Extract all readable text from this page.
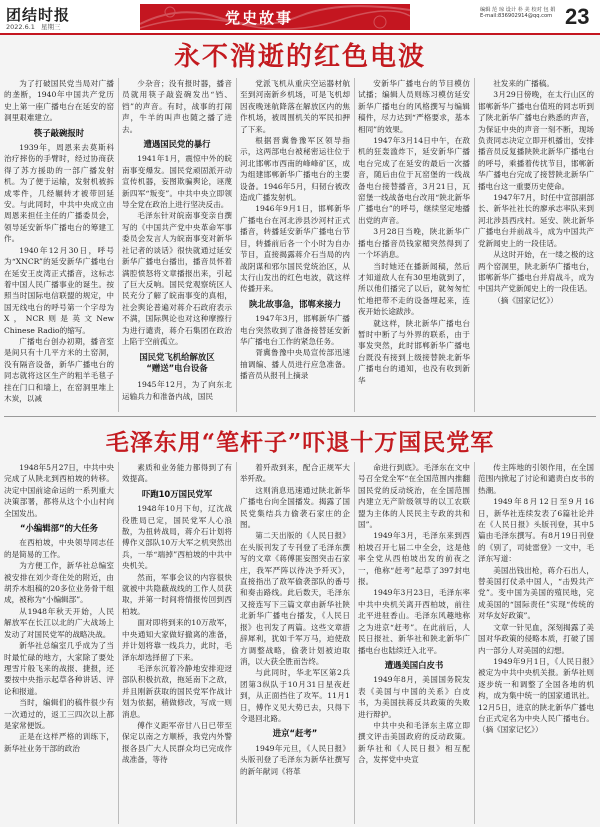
团结时报
2022.6.1 星期三	党史故事	编辑 范 琼 设计 朴 美 校对 包 娟
E-mail:836902914@qq.com 23
永不消逝的红色电波

为了打破国民党当局对广播的垄断，1940年中国共产党历史上第一座广播电台在延安的窑洞里艰难建立。

筷子敲碗报时

1939年，周恩来去莫斯科治疗摔伤的手臂时，经过协商获得了苏方援助的一部广播发射机。为了便于运输，发射机被拆成零件，几经辗转才被带回延安。与此同时，中共中央成立由周恩来担任主任的广播委员会，领导延安新华广播电台的筹建工作。

1940年12月30日，呼号为“XNCR”的延安新华广播电台在延安王皮湾正式播音，这标志着中国人民广播事业的诞生。按照当时国际电信联盟的规定，中国无线电台的呼号第一个字母为X，NCR则是英文New Chinese Radio的缩写。

广播电台创办初期，播音室是间只有十几平方米的土窑洞，没有隔音设备，新华广播电台的同志就将这区生产的粗羊毛毯子挂在门口和墙上，在窑洞里堆上木炭，以减

少杂音；没有报时器，播音员就用筷子敲瓷碗发出“铛、铛”的声音。有时，战事的打闹声，牛羊的叫声也随之播了进去。

遭遇国民党的暴行

1941年1月，震惊中外的皖南事变爆发。国民党顽固派开动宣传机器，妄图欺骗舆论，诬蔑新四军“叛变”。中共中央立即领导全党在政治上进行坚决反击。

毛泽东针对皖南事变亲自撰写的《中国共产党中央革命军事委员会发言人为皖南事变对新华社记者的谈话》很快就通过延安新华广播电台播出，播音员怀着满腔愤怒将文章播报出来，引起了巨大反响。国民党观察统区人民充分了解了皖南事变的真相，社会舆论普遍对蒋介石政府表示不满，国际舆论也对这种摩擦行为进行谴责，蒋介石集团在政治上陷于空前孤立。

国民党飞机给解放区
“赠送”电台设备

1945年12月，为了向东北运输兵力和准备内战，国民

党派飞机从重庆空运器材航至到河南新乡机场，可是飞机却因夜晚迷航降落在解放区内的焦作机场，被周围机关的军民扣押了下来。

根据晋冀鲁豫军区领导指示，这两部电台被秘密运往位于河北邯郸市西南的峰峰矿区，成为组建邯郸新华广播电台的主要设备。1946年5月，归韧台被改造成广播发射机。

1946年9月1日，邯郸新华广播电台在河北涉县沙河村正式播音，转播延安新华广播电台节目，转播前后各一个小时为自办节目，直接揭露蒋介石当局的内战阴谋和邪尔国民党统治区，从太行山发出的红色电波，就这样传播开来。

陕北故事急，邯郸来接力

1947年3月，邯郸新华广播电台突然收到了准备接替延安新华广播电台工作的紧急任务。

胥冀鲁豫中央局宣传部迅速抽调编、播人员进行应急准备。播音员从报刊上摘录

安新华广播电台的节目模仿试播；编辑人员则练习模仿延安新华广播电台的风格撰写与编辑稿件，尽力达到“严格要求，基本相同”的效果。

1947年3月14日中午，在敌机的狂轰滥炸下，延安新华广播电台完成了在延安的最后一次播音，随后由位于瓦窑堡的一线战备电台接替播音，3月21日，瓦窑堡一线战备电台改用“陕北新华广播电台”的呼号，继续坚定地播出党的声音。

3月28日当晚，陕北新华广播电台播音员钱家楣突然得到了一个坏消息。

当时她还在播新闻稿，然后才知道敌人在有30里地就到了，所以他们播完了以后，就匆匆忙忙地把带不走的设备埋起来，连夜开始长途跋涉。

就这样，陕北新华广播电台暂时中断了与外界的联系，由于事发突然，此时邯郸新华广播电台既没有接到上级接替陕北新华广播电台的通知，也没有收到新华

社发来的广播稿。

3月29日傍晚，在太行山区的邯郸新华广播电台值班的同志听到了陕北新华广播电台熟悉的声音，为保证中央的声音一刻不断，现场负责同志决定立即开机播出，安排播音员反复播陕陕北新华广播电台的呼号，乘播着传扰节目，邯郸新华广播电台完成了接替陕北新华广播电台这一重要历史使命。

1947年7月，时任中宣部副部长、新华社社长的廖承志率队来到河北涉县西戌村。延安、陕北新华广播电台并前战斗，成为中国共产党新闻史上的一段佳话。

从这时开始，在一缕之极的这两个窑洞里，陕北新华广播电台，邯郸新华广播电台并肩战斗，成为中国共产党新闻史上的一段佳话。

（摘《国家记忆》）

毛泽东用“笔杆子”吓退十万国民党军

1948年5月27日，中共中央完成了从陕北到西柏坡的转移。决定中国前途命运的一系列重大决策部署，都将从这个小山村向全国发出。

“小编辑部”的大任务

在西柏坡，中央领导同志任的是简易的工作。

为方便工作，新华社总编室被安排在刘少奇住处的附近，由胡乔木组稿的20多位业务骨干组成，被称为“小编辑部”。

从1948年秋天开始，人民解放军在长江以北的广大战场上发动了对国民党军的战略决战。

新华社总编室几乎成为了当时最忙碌的地方，大家除了要处理雪片般飞来的战报、捷报，还要按中央指示起草各种讲话、评论和报道。

当时，编辑们的稿件很少有一次通过的，返工三四次以上都是家常便饭。

正是在这样严格的训练下，新华社业务干部的政治

素质和业务能力都得到了有效提高。

吓跑10万国民党军

1948年10月下旬，辽沈战役胜局已定，国民党军人心浪散，为扭转战局，蒋介石计划将傅作义部队10万大军之机突然出兵，一举“端掉”西柏坡的中共中央机关。

然而，军事会议的内容很快就被中共隐蔽战线的工作人员获取，并第一时间将情报传回到西柏坡。

面对即将到来的10万敌军，中央通知大家做好撤离的准备，并计划将靠一线兵力，此时，毛泽东却选择留了下来。

毛泽东沉着冷静地安排迎迓部队积极抗敌，拖延南下之敌，并且刚新获取的国民党军作战计划为依据，稍做修改，写成一则消息。

傅作义距军帝甘八日已带至保定以南之方顺桥，我党内外警报各县广大人民群众均已完成作战准备，等待

着歼敌到来，配合正规军大举歼敌。

这则消息迅速通过陕北新华广播电台向全国播发。揭露了国民党集结兵力偷袭石家庄的企图。

第二天出版的《人民日报》在头版刊发了专刊登了毛泽东撰写的文章《蒋傅匪妄图突击石家庄，我军严阵以待决予歼灭》，直接指出了敌军偷袭部队的番号和奏击路线。此后数天，毛泽东又接连写下三篇文章由新华社陕北新华广播电台播发，《人民日报》也刊发了两篇。这些文章措辞犀利，犹如千军万马，迫使敌方调整战略，偷袭计划被迫取消，以大获全胜而告终。

与此同时，华北军区第2兵团第3纵队于10月31日星夜赶到，从正面挡住了攻军。11月1日，傅作义见大势已去，只得下令退回北路。

进京“赶考”

1949年元旦，《人民日报》头版刊登了毛泽东为新华社撰写的新年献词《将革

命进行到底》。毛泽东在文中号召全党全军“在全国范围内推翻国民党的反动统治，在全国范围内建立无产阶级领导的以工农联盟为主体的人民民主专政的共和国”。

1949年3月，毛泽东来到西柏坡召开七届二中全会，这是他率全党从西柏坡出发的前夜之一，他称“赶考”起草了397封电报。

1949年3月23日，毛泽东率中共中央机关离开西柏坡，前往北平进驻香山。毛泽东风趣地称之为进京“赶考”。在此前后，人民日报社、新华社和陕北新华广播电台也陆续迁入北平。

遭遇美国白皮书

1949年8月，美国国务院发表《美国与中国的关系》白皮书，为美国扶蒋反共政策的失败进行辩护。

中共中央和毛泽东主席立即撰文评击美国政府的反动政策。新华社和《人民日报》相互配合，发挥党中央宣

传主阵地的引领作用，在全国范围内掀起了讨论和谴责白皮书的热潮。

1949年8月12日至9月16日，新华社连续发表了6篇社论并在《人民日报》头版刊登，其中5篇由毛泽东撰写。有8月19日刊登的《别了，司徒雷登》一文中，毛泽东写道：

美国出钱出枪，蒋介石出人，替美国打仗杀中国人，“击毁共产党”。变中国为美国的殖民地，完成美国的“国际责任”实现“传统的对华友好政策”。

文章一针见血，深刻揭露了美国对华政策的侵略本质，打破了国内一部分人对美国的幻想。

1949年9月1日，《人民日报》被定为中共中央机关报。新华社则逐步统一和调整了全国各地的机构，成为集中统一的国家通讯社。12月5日，进京的陕北新华广播电台正式定名为中央人民广播电台。（摘《国家记忆》）
